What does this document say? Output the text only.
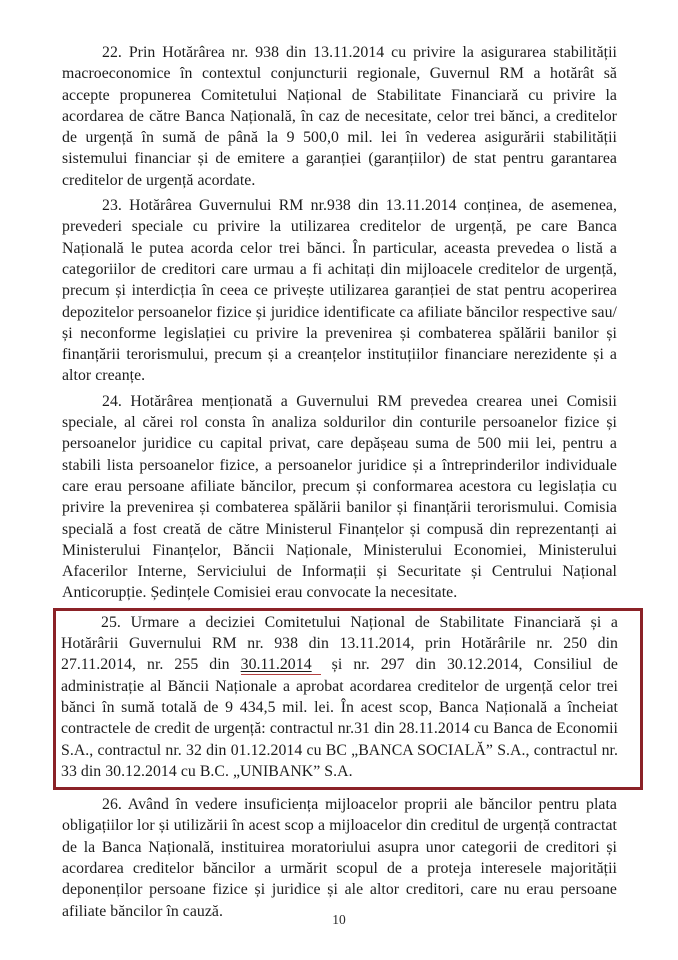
22. Prin Hotărârea nr. 938 din 13.11.2014 cu privire la asigurarea stabilității macroeconomice în contextul conjuncturii regionale, Guvernul RM a hotărât să accepte propunerea Comitetului Național de Stabilitate Financiară cu privire la acordarea de către Banca Națională, în caz de necesitate, celor trei bănci, a creditelor de urgență în sumă de până la 9 500,0 mil. lei în vederea asigurării stabilității sistemului financiar și de emitere a garanției (garanțiilor) de stat pentru garantarea creditelor de urgență acordate.

23. Hotărârea Guvernului RM nr.938 din 13.11.2014 conținea, de asemenea, prevederi speciale cu privire la utilizarea creditelor de urgență, pe care Banca Națională le putea acorda celor trei bănci. În particular, aceasta prevedea o listă a categoriilor de creditori care urmau a fi achitați din mijloacele creditelor de urgență, precum și interdicția în ceea ce privește utilizarea garanției de stat pentru acoperirea depozitelor persoanelor fizice și juridice identificate ca afiliate băncilor respective sau/și neconforme legislației cu privire la prevenirea și combaterea spălării banilor și finanțării terorismului, precum și a creanțelor instituțiilor financiare nerezidente și a altor creanțe.

24. Hotărârea menționată a Guvernului RM prevedea crearea unei Comisii speciale, al cărei rol consta în analiza soldurilor din conturile persoanelor fizice și persoanelor juridice cu capital privat, care depășeau suma de 500 mii lei, pentru a stabili lista persoanelor fizice, a persoanelor juridice și a întreprinderilor individuale care erau persoane afiliate băncilor, precum și conformarea acestora cu legislația cu privire la prevenirea și combaterea spălării banilor și finanțării terorismului. Comisia specială a fost creată de către Ministerul Finanțelor și compusă din reprezentanți ai Ministerului Finanțelor, Băncii Naționale, Ministerului Economiei, Ministerului Afacerilor Interne, Serviciului de Informații și Securitate și Centrului Național Anticorupție. Ședințele Comisiei erau convocate la necesitate.

25. Urmare a deciziei Comitetului Național de Stabilitate Financiară și a Hotărârii Guvernului RM nr. 938 din 13.11.2014, prin Hotărârile nr. 250 din 27.11.2014, nr. 255 din 30.11.2014 și nr. 297 din 30.12.2014, Consiliul de administrație al Băncii Naționale a aprobat acordarea creditelor de urgență celor trei bănci în sumă totală de 9 434,5 mil. lei. În acest scop, Banca Națională a încheiat contractele de credit de urgență: contractul nr.31 din 28.11.2014 cu Banca de Economii S.A., contractul nr. 32 din 01.12.2014 cu BC „BANCA SOCIALĂ” S.A., contractul nr. 33 din 30.12.2014 cu B.C. „UNIBANK” S.A.

26. Având în vedere insuficiența mijloacelor proprii ale băncilor pentru plata obligațiilor lor și utilizării în acest scop a mijloacelor din creditul de urgență contractat de la Banca Națională, instituirea moratoriului asupra unor categorii de creditori și acordarea creditelor băncilor a urmărit scopul de a proteja interesele majorității deponenților persoane fizice și juridice și ale altor creditori, care nu erau persoane afiliate băncilor în cauză.	10
